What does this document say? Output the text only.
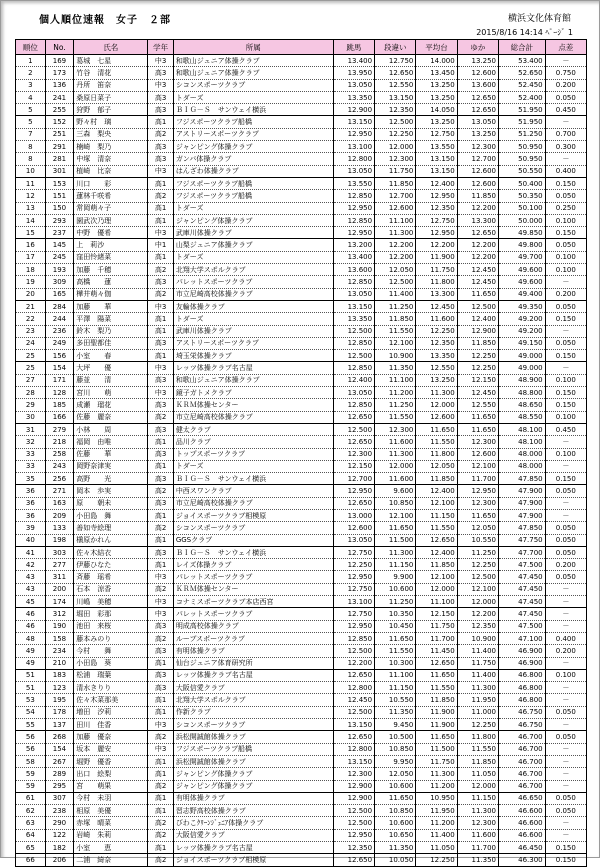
個人順位速報　女子　２部	横浜文化体育館
2015/8/16 14:14 ﾍﾟｰｼﾞ 1
順位	No.	氏名	学年	所属	跳馬	段違い	平均台	ゆか	総合計	点差
1	169	葛城　七星	中3	和歌山ジュニア体操クラブ	13.400	12.750	14.000	13.250	53.400	－
2	173	竹谷　清花	高3	和歌山ジュニア体操クラブ	13.950	12.650	13.450	12.600	52.650	0.750
3	136	丹所　笛奈	中3	シコンスポーツクラブ	13.050	12.550	13.250	13.600	52.450	0.200
4	241	桑原日菜子	高3	トダーズ	13.350	13.150	13.250	12.650	52.400	0.050
5	255	狩野　郁子	高3	ＢＩＧ－Ｓ　サンウェイ横浜	12.900	12.350	14.050	12.650	51.950	0.450
5	152	野々村　璃	高1	フジスポーツクラブ船橋	13.150	12.500	13.250	13.050	51.950	－
7	251	三森　梨央	高2	アストリースポーツクラブ	12.950	12.250	12.750	13.250	51.250	0.700
8	291	楠崎　梨乃	高3	ジャンピング体操クラブ	13.100	12.000	13.550	12.300	50.950	0.300
8	281	中塚　清奈	高3	ガンバ体操クラブ	12.800	12.300	13.150	12.700	50.950	－
10	301	植崎　比奈	中3	はんざわ体操クラブ	13.050	11.750	13.150	12.600	50.550	0.400
11	153	川口　　彩	高1	フジスポーツクラブ船橋	13.550	11.850	12.400	12.600	50.400	0.150
12	151	蓮林千咲希	高2	フジスポーツクラブ船橋	12.850	12.700	12.950	11.850	50.350	0.050
13	150	常岡萌々子	高1	トダーズ	12.950	12.600	12.350	12.200	50.100	0.250
14	293	園武次乃理	高1	ジャンピング体操クラブ	12.850	11.100	12.750	13.300	50.000	0.100
15	237	中野　優希	中3	武庫川体操クラブ	12.950	11.300	12.950	12.650	49.850	0.150
16	145	上　莉沙	中1	山梨ジュニア体操クラブ	13.200	12.200	12.200	12.200	49.800	0.050
17	245	窪田怜緒菜	高1	トダーズ	13.400	12.200	11.900	12.200	49.700	0.100
18	193	加藤　千穂	高2	北翔大学スポルクラブ	13.600	12.050	11.750	12.450	49.600	0.100
19	309	高橋　　蓮	高3	パレットスポーツクラブ	12.850	12.500	11.800	12.450	49.600	－
20	165	樺井萌々伽	高2	市立尼崎高校体操クラブ	13.050	11.400	13.300	11.650	49.400	0.200
21	284	加藤　　華	中3	友輪体操クラブ	13.150	11.250	12.450	12.500	49.350	0.050
22	244	平澤　陽菜	高1	トダーズ	13.350	11.850	11.600	12.400	49.200	0.150
23	236	鈴木　梨乃	高1	武庫川体操クラブ	12.500	11.550	12.250	12.900	49.200	－
24	249	多田聖都佳	高3	アストリースポーツクラブ	12.850	12.100	12.350	11.850	49.150	0.050
25	156	小室　　春	高1	埼玉栄体操クラブ	12.500	10.900	13.350	12.250	49.000	0.150
25	154	大坪　　優	中3	レッツ体操クラブ名古屋	12.850	11.350	12.550	12.250	49.000	－
27	171	藤並　　清	高3	和歌山ジュニア体操クラブ	12.400	11.100	13.250	12.150	48.900	0.100
28	128	宮川　　萌	中3	鏡子ガトメクラブ	13.050	11.200	11.300	12.450	48.800	0.150
29	185	成瀬　瑠花	高3	ＫＲＭ体操センター	12.850	11.250	12.000	12.550	48.650	0.150
30	166	佐藤　麗奈	高2	市立尼崎高校体操クラブ	12.650	11.550	12.600	11.650	48.550	0.100
31	279	小林　　周	高3	健太クラブ	12.500	12.300	11.650	11.650	48.100	0.450
32	218	福岡　由唯	高1	品川クラブ	12.650	11.600	11.550	12.300	48.100	－
33	258	佐藤　　華	高3	トップスポーツクラブ	12.300	11.300	11.800	12.600	48.000	0.100
33	243	岡野奈津実	高1	トダーズ	12.150	12.000	12.050	12.100	48.000	－
35	256	高野　　光	高3	ＢＩＧ－Ｓ　サンウェイ横浜	12.700	11.600	11.850	11.700	47.850	0.150
36	271	岡本　歩実	高2	中西スワンクラブ	12.950	9.600	12.400	12.950	47.900	0.050
36	163	原　　朝未	高3	市立尼崎高校体操クラブ	12.650	10.850	12.100	12.300	47.900	－
36	209	小田島　舞	高1	ジョイスポーツクラブ相模原	13.000	12.100	11.150	11.650	47.900	－
39	133	善如寺絵理	高2	シコンスポーツクラブ	12.600	11.650	11.550	12.050	47.850	0.050
40	198	槇原かれん	高1	GGSクラブ	13.050	11.500	12.650	10.550	47.750	0.050
41	303	佐々木結衣	高3	ＢＩＧ－Ｓ　サンウェイ横浜	12.750	11.300	12.400	11.250	47.700	0.050
42	277	伊藤ひなた	高1	レイズ体操クラブ	12.250	11.150	11.850	12.250	47.500	0.200
43	311	斉藤　瑶希	中3	パレットスポーツクラブ	12.950	9.900	12.100	12.500	47.450	0.050
43	200	石本　涼香	高2	ＫＲＭ体操センター	12.750	10.600	12.000	12.100	47.450	－
45	174	川嶋　美穂	中3	コナミスポーツクラブ本店西宮	13.100	11.250	11.100	12.000	47.450	－
46	312	堀田　彩那	中3	パレットスポーツクラブ	12.750	10.350	12.150	12.200	47.450	－
46	190	池田　来桜	高3	明成高校体操クラブ	12.950	10.450	11.750	12.350	47.500	－
48	158	藤本みのり	高2	ルーブスポーツクラブ	12.850	11.650	11.700	10.900	47.100	0.400
49	234	今村　　舞	高3	有明体操クラブ	12.500	11.550	11.450	11.400	46.900	0.200
49	210	小田島　葵	高1	仙台ジュニア体育研究所	12.200	10.300	12.650	11.750	46.900	－
51	183	松浦　瑞葉	高3	レッツ体操クラブ名古屋	12.650	11.100	11.650	11.400	46.800	0.100
51	123	清水きりり	高3	大阪信愛クラブ	12.800	11.150	11.550	11.300	46.800	－
53	195	佐々木菜那美	高1	北翔大学スポルクラブ	12.450	10.550	11.850	11.950	46.800	－
54	178	増田　汐莉	高1	作新クラブ	12.500	11.350	11.900	11.000	46.750	0.050
55	137	田川　佳香	中3	シコンスポーツクラブ	13.150	9.450	11.900	12.250	46.750	－
56	268	加藤　優奈	高2	浜松開誠館体操クラブ	12.650	10.500	11.650	11.800	46.700	0.050
56	154	坂本　麗安	中3	フジスポーツクラブ船橋	12.800	10.850	11.500	11.550	46.700	－
58	267	堀野　優香	高1	浜松開誠館体操クラブ	13.150	9.950	11.750	11.850	46.700	－
59	289	出口　絵梨	高1	ジャンピング体操クラブ	12.300	12.050	11.300	11.050	46.700	－
59	295	宮　　萌果	高2	ジャンピング体操クラブ	12.900	10.600	11.200	12.000	46.700	－
61	307	今村　未羽	高1	有明体操クラブ	12.900	11.650	10.950	11.150	46.650	0.050
62	238	相原　美優	高1	習志野高校体操クラブ	12.500	10.850	11.950	11.300	46.600	0.050
63	290	赤塚　晴菜	高2	びわこｸﾘｰﾝｼﾞｭﾆｱ体操クラブ	12.500	10.600	11.200	12.300	46.600	－
64	122	岩崎　朱莉	高2	大阪信愛クラブ	12.950	10.650	11.400	11.600	46.600	－
65	182	小室　　恵	高1	レッツ体操クラブ名古屋	12.350	11.350	11.050	11.700	46.450	0.150
66	206	二浦　綺奈	高2	ジョイスポーツクラブ相模原	12.650	10.050	12.250	11.350	46.300	0.150
